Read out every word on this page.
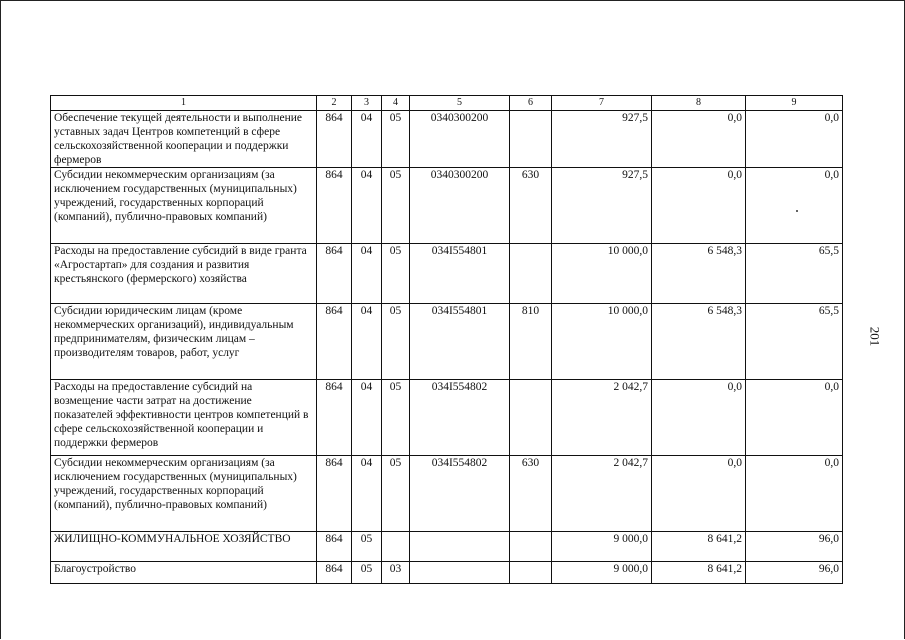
201
1	2	3	4	5	6	7	8	9
Обеспечение текущей деятельности и выполнение уставных задач Центров компетенций в сфере сельскохозяйственной кооперации и поддержки фермеров	864	04	05	0340300200		927,5	0,0	0,0
Субсидии некоммерческим организациям (за исключением государственных (муниципальных) учреждений, государственных корпораций (компаний), публично-правовых компаний)	864	04	05	0340300200	630	927,5	0,0	0,0
Расходы на предоставление субсидий в виде гранта «Агростартап» для создания и развития крестьянского (фермерского) хозяйства	864	04	05	034I554801		10 000,0	6 548,3	65,5
Субсидии юридическим лицам (кроме некоммерческих организаций), индивидуальным предпринимателям, физическим лицам – производителям товаров, работ, услуг	864	04	05	034I554801	810	10 000,0	6 548,3	65,5
Расходы на предоставление субсидий на возмещение части затрат на достижение показателей эффективности центров компетенций в сфере сельскохозяйственной кооперации и поддержки фермеров	864	04	05	034I554802		2 042,7	0,0	0,0
Субсидии некоммерческим организациям (за исключением государственных (муниципальных) учреждений, государственных корпораций (компаний), публично-правовых компаний)	864	04	05	034I554802	630	2 042,7	0,0	0,0
ЖИЛИЩНО-КОММУНАЛЬНОЕ ХОЗЯЙСТВО	864	05				9 000,0	8 641,2	96,0
Благоустройство	864	05	03			9 000,0	8 641,2	96,0
